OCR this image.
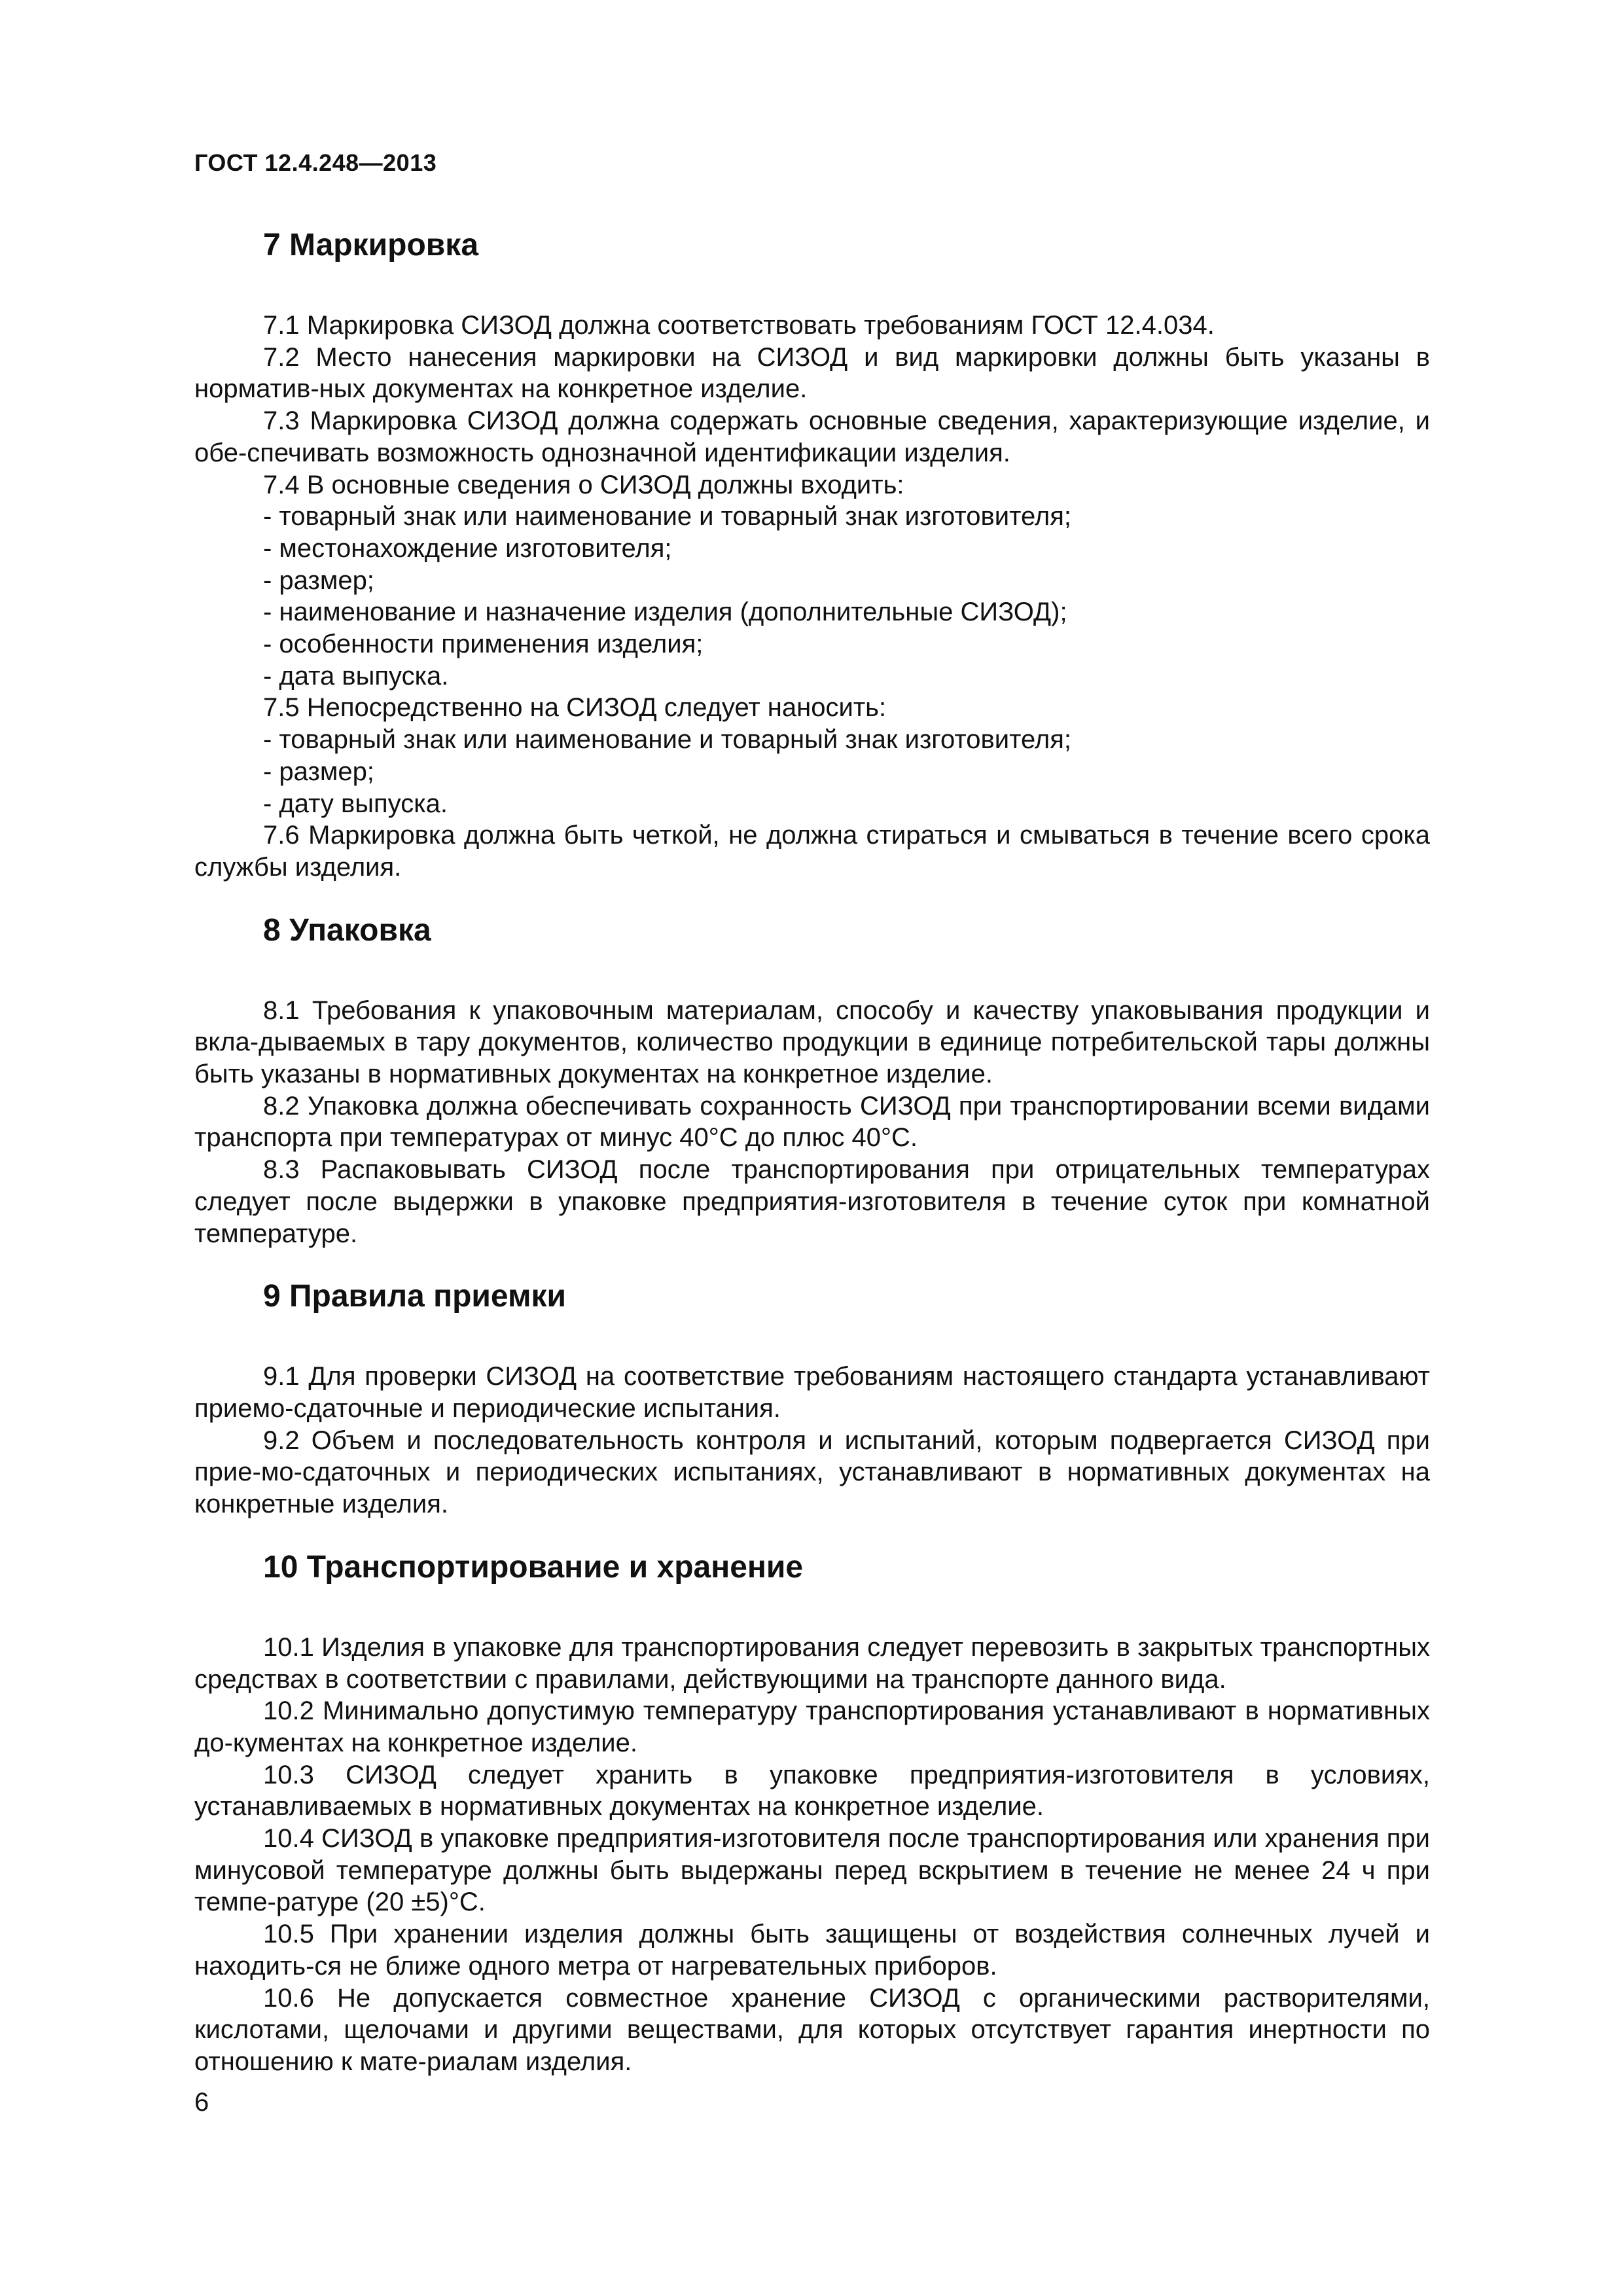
ГОСТ 12.4.248—2013
7 Маркировка

7.1 Маркировка СИЗОД должна соответствовать требованиям ГОСТ 12.4.034.

7.2 Место нанесения маркировки на СИЗОД и вид маркировки должны быть указаны в норматив-ных документах на конкретное изделие.

7.3 Маркировка СИЗОД должна содержать основные сведения, характеризующие изделие, и обе-спечивать возможность однозначной идентификации изделия.

7.4 В основные сведения о СИЗОД должны входить:

- товарный знак или наименование и товарный знак изготовителя;

- местонахождение изготовителя;

- размер;

- наименование и назначение изделия (дополнительные СИЗОД);

- особенности применения изделия;

- дата выпуска.

7.5 Непосредственно на СИЗОД следует наносить:

- товарный знак или наименование и товарный знак изготовителя;

- размер;

- дату выпуска.

7.6 Маркировка должна быть четкой, не должна стираться и смываться в течение всего срока службы изделия.

8 Упаковка

8.1 Требования к упаковочным материалам, способу и качеству упаковывания продукции и вкла-дываемых в тару документов, количество продукции в единице потребительской тары должны быть указаны в нормативных документах на конкретное изделие.

8.2 Упаковка должна обеспечивать сохранность СИЗОД при транспортировании всеми видами транспорта при температурах от минус 40°С до плюс 40°С.

8.3 Распаковывать СИЗОД после транспортирования при отрицательных температурах следует после выдержки в упаковке предприятия-изготовителя в течение суток при комнатной температуре.

9 Правила приемки

9.1 Для проверки СИЗОД на соответствие требованиям настоящего стандарта устанавливают приемо-сдаточные и периодические испытания.

9.2 Объем и последовательность контроля и испытаний, которым подвергается СИЗОД при прие-мо-сдаточных и периодических испытаниях, устанавливают в нормативных документах на конкретные изделия.

10 Транспортирование и хранение

10.1 Изделия в упаковке для транспортирования следует перевозить в закрытых транспортных средствах в соответствии с правилами, действующими на транспорте данного вида.

10.2 Минимально допустимую температуру транспортирования устанавливают в нормативных до-кументах на конкретное изделие.

10.3 СИЗОД следует хранить в упаковке предприятия-изготовителя в условиях, устанавливаемых в нормативных документах на конкретное изделие.

10.4 СИЗОД в упаковке предприятия-изготовителя после транспортирования или хранения при минусовой температуре должны быть выдержаны перед вскрытием в течение не менее 24 ч при темпе-ратуре (20 ±5)°С.

10.5 При хранении изделия должны быть защищены от воздействия солнечных лучей и находить-ся не ближе одного метра от нагревательных приборов.

10.6 Не допускается совместное хранение СИЗОД с органическими растворителями, кислотами, щелочами и другими веществами, для которых отсутствует гарантия инертности по отношению к мате-риалам изделия.

6
